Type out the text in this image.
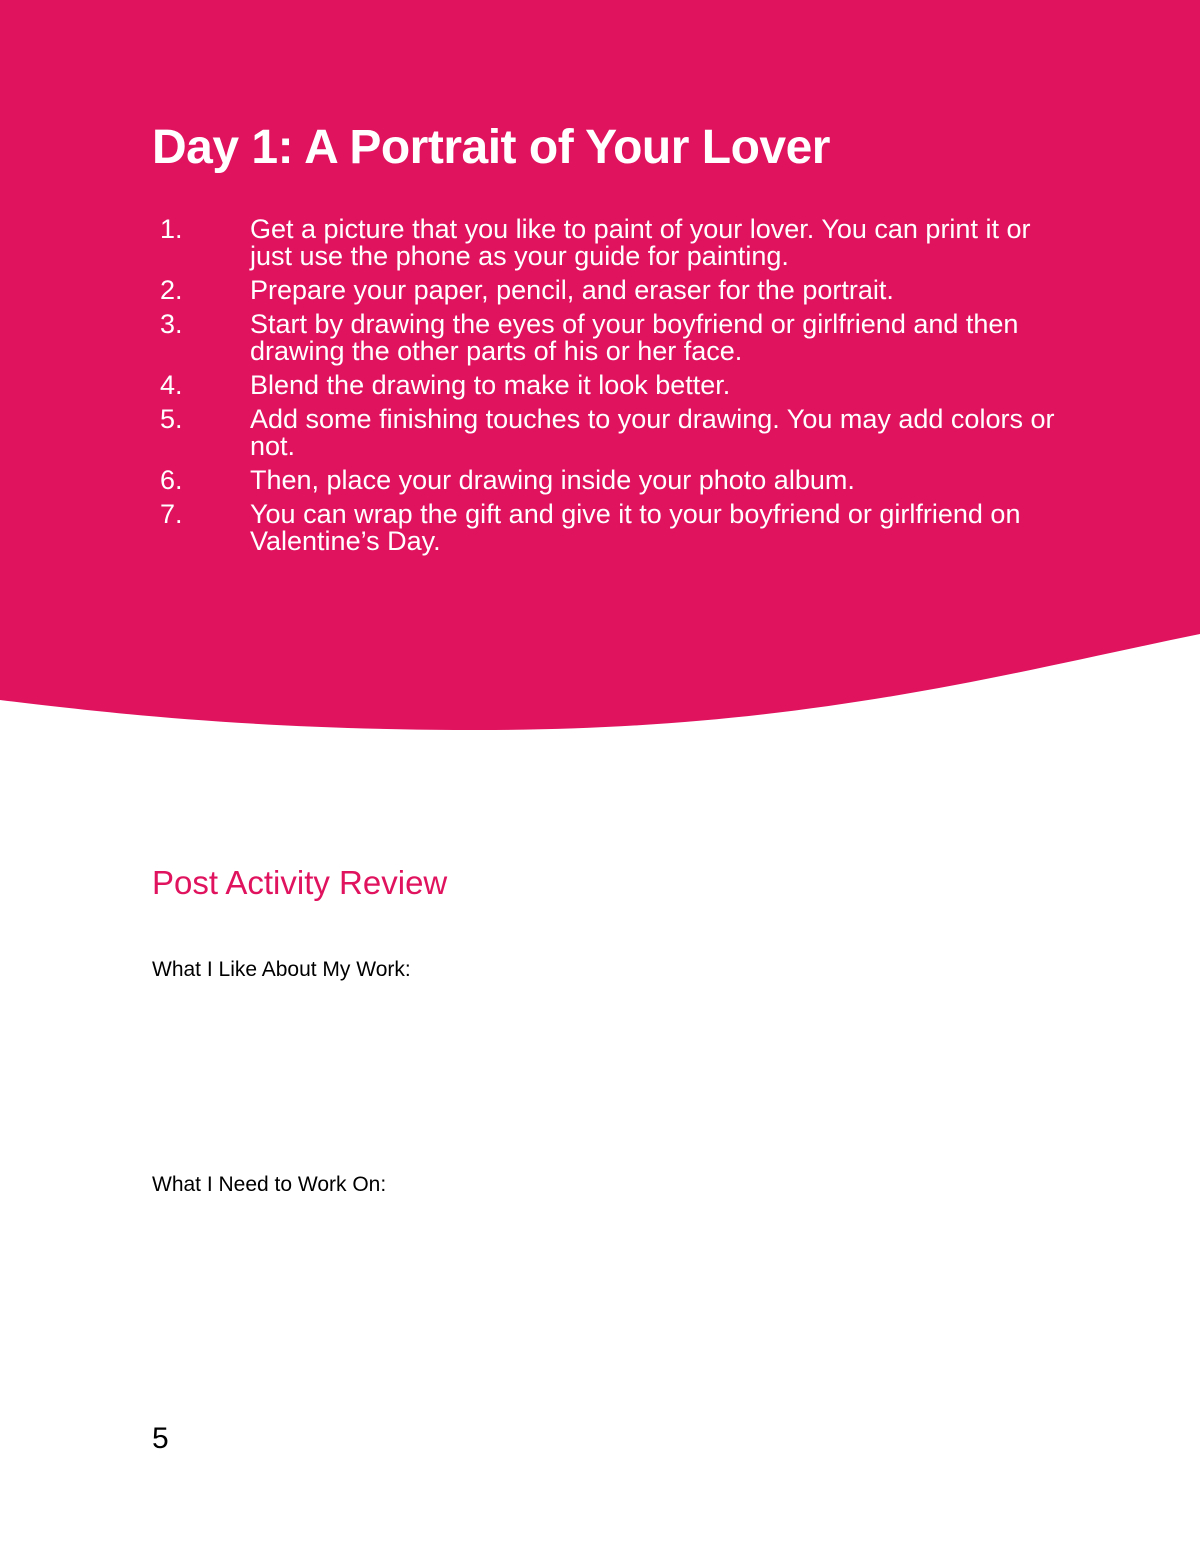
Day 1: A Portrait of Your Lover
1.	Get a picture that you like to paint of your lover. You can print it or just use the phone as your guide for painting.
2.	Prepare your paper, pencil, and eraser for the portrait.
3.	Start by drawing the eyes of your boyfriend or girlfriend and then drawing the other parts of his or her face.
4.	Blend the drawing to make it look better.
5.	Add some finishing touches to your drawing. You may add colors or not.
6.	Then, place your drawing inside your photo album.
7.	You can wrap the gift and give it to your boyfriend or girlfriend on Valentine’s Day.
Post Activity Review
What I Like About My Work:
What I Need to Work On:
5
